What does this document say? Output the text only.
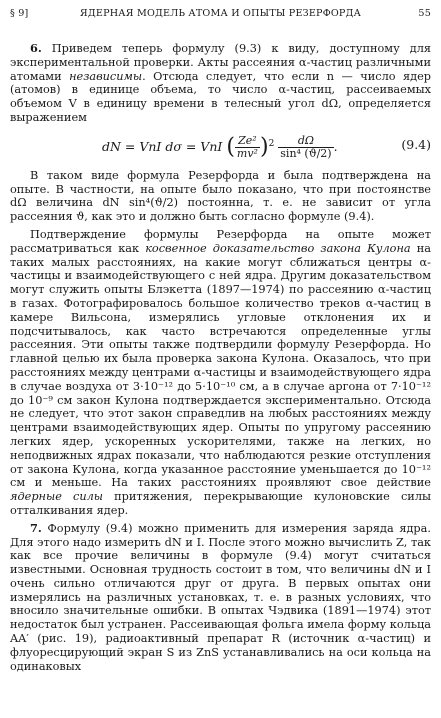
§ 9]	ЯДЕРНАЯ МОДЕЛЬ АТОМА И ОПЫТЫ РЕЗЕРФОРДА	55

6. Приведем теперь формулу (9.3) к виду, доступному для экспериментальной проверки. Акты рассеяния α-частиц различными атомами независимы. Отсюда следует, что если n — число ядер (атомов) в единице объема, то число α-частиц, рассеиваемых объемом V в единицу времени в телесный угол dΩ, определяется выражением

dN = VnI dσ = VnI ( $\frac{\text{Ze²}}{\text{mv²}} )^2 \frac{d\Omega}{\text{sin⁴ (ϑ/2)}}$ .	(9.4)

В таком виде формула Резерфорда и была подтверждена на опыте. В частности, на опыте было показано, что при постоянстве dΩ величина dN sin⁴(ϑ/2) постоянна, т. е. не зависит от угла рассеяния ϑ, как это и должно быть согласно формуле (9.4).

Подтверждение формулы Резерфорда на опыте может рассматриваться как косвенное доказательство закона Кулона на таких малых расстояниях, на какие могут сближаться центры α-частицы и взаимодействующего с ней ядра. Другим доказательством могут служить опыты Блэкетта (1897—1974) по рассеянию α-частиц в газах. Фотографировалось большое количество треков α-частиц в камере Вильсона, измерялись угловые отклонения их и подсчитывалось, как часто встречаются определенные углы рассеяния. Эти опыты также подтвердили формулу Резерфорда. Но главной целью их была проверка закона Кулона. Оказалось, что при расстояниях между центрами α-частицы и взаимодействующего ядра в случае воздуха от 3·10⁻¹² до 5·10⁻¹⁰ см, а в случае аргона от 7·10⁻¹² до 10⁻⁹ см закон Кулона подтверждается экспериментально. Отсюда не следует, что этот закон справедлив на любых расстояниях между центрами взаимодействующих ядер. Опыты по упругому рассеянию легких ядер, ускоренных ускорителями, также на легких, но неподвижных ядрах показали, что наблюдаются резкие отступления от закона Кулона, когда указанное расстояние уменьшается до 10⁻¹² см и меньше. На таких расстояниях проявляют свое действие ядерные силы притяжения, перекрывающие кулоновские силы отталкивания ядер.

7. Формулу (9.4) можно применить для измерения заряда ядра. Для этого надо измерить dN и I. После этого можно вычислить Z, так как все прочие величины в формуле (9.4) могут считаться известными. Основная трудность состоит в том, что величины dN и I очень сильно отличаются друг от друга. В первых опытах они измерялись на различных установках, т. е. в разных условиях, что вносило значительные ошибки. В опытах Чэдвика (1891—1974) этот недостаток был устранен. Рассеивающая фольга имела форму кольца AA′ (рис. 19), радиоактивный препарат R (источник α-частиц) и флуоресцирующий экран S из ZnS устанавливались на оси кольца на одинаковых
